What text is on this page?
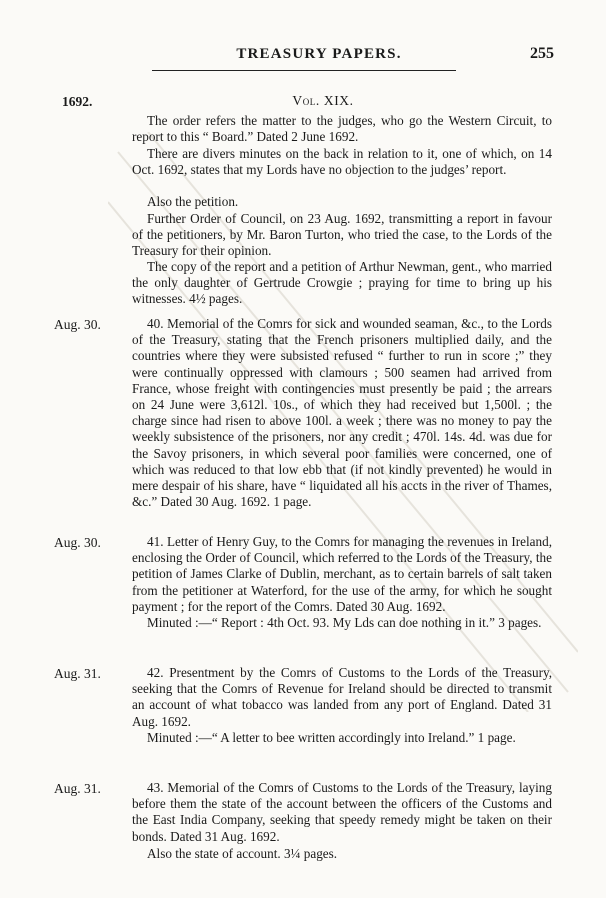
TREASURY PAPERS.	255
1692.	Vol. XIX.
The order refers the matter to the judges, who go the Western Circuit, to report to this “ Board.” Dated 2 June 1692.
There are divers minutes on the back in relation to it, one of which, on 14 Oct. 1692, states that my Lords have no objection to the judges’ report.
Also the petition.
Further Order of Council, on 23 Aug. 1692, transmitting a report in favour of the petitioners, by Mr. Baron Turton, who tried the case, to the Lords of the Treasury for their opinion.
The copy of the report and a petition of Arthur Newman, gent., who married the only daughter of Gertrude Crowgie ; praying for time to bring up his witnesses. 4½ pages.
Aug. 30.	40. Memorial of the Comrs for sick and wounded seaman, &c., to the Lords of the Treasury, stating that the French prisoners multiplied daily, and the countries where they were subsisted refused “ further to run in score ;” they were continually oppressed with clamours ; 500 seamen had arrived from France, whose freight with contingencies must presently be paid ; the arrears on 24 June were 3,612l. 10s., of which they had received but 1,500l. ; the charge since had risen to above 100l. a week ; there was no money to pay the weekly subsistence of the prisoners, nor any credit ; 470l. 14s. 4d. was due for the Savoy prisoners, in which several poor families were concerned, one of which was reduced to that low ebb that (if not kindly prevented) he would in mere despair of his share, have “ liquidated all his accts in the river of Thames, &c.” Dated 30 Aug. 1692. 1 page.
Aug. 30.	41. Letter of Henry Guy, to the Comrs for managing the revenues in Ireland, enclosing the Order of Council, which referred to the Lords of the Treasury, the petition of James Clarke of Dublin, merchant, as to certain barrels of salt taken from the petitioner at Waterford, for the use of the army, for which he sought payment ; for the report of the Comrs. Dated 30 Aug. 1692.
Minuted :—“ Report : 4th Oct. 93. My Lds can doe nothing in it.” 3 pages.
Aug. 31.	42. Presentment by the Comrs of Customs to the Lords of the Treasury, seeking that the Comrs of Revenue for Ireland should be directed to transmit an account of what tobacco was landed from any port of England. Dated 31 Aug. 1692.
Minuted :—“ A letter to bee written accordingly into Ireland.” 1 page.
Aug. 31.	43. Memorial of the Comrs of Customs to the Lords of the Treasury, laying before them the state of the account between the officers of the Customs and the East India Company, seeking that speedy remedy might be taken on their bonds. Dated 31 Aug. 1692.
Also the state of account. 3¼ pages.
